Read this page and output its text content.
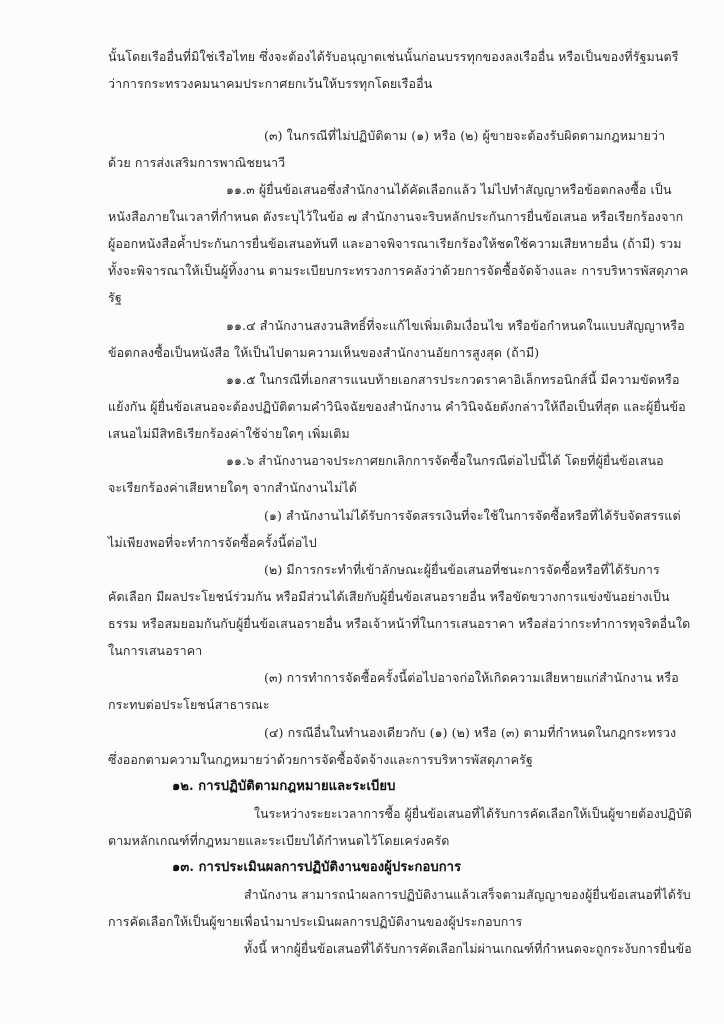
นั้นโดยเรืออื่นที่มิใช่เรือไทย ซึ่งจะต้องได้รับอนุญาตเช่นนั้นก่อนบรรทุกของลงเรืออื่น หรือเป็นของที่รัฐมนตรี
ว่าการกระทรวงคมนาคมประกาศยกเว้นให้บรรทุกโดยเรืออื่น
(๓) ในกรณีที่ไม่ปฏิบัติตาม (๑) หรือ (๒) ผู้ขายจะต้องรับผิดตามกฎหมายว่า
ด้วย การส่งเสริมการพาณิชยนาวี
๑๑.๓ ผู้ยื่นข้อเสนอซึ่งสำนักงานได้คัดเลือกแล้ว ไม่ไปทำสัญญาหรือข้อตกลงซื้อ เป็น
หนังสือภายในเวลาที่กำหนด ดังระบุไว้ในข้อ ๗ สำนักงานจะริบหลักประกันการยื่นข้อเสนอ หรือเรียกร้องจาก
ผู้ออกหนังสือค้ำประกันการยื่นข้อเสนอทันที และอาจพิจารณาเรียกร้องให้ชดใช้ความเสียหายอื่น (ถ้ามี) รวม
ทั้งจะพิจารณาให้เป็นผู้ทิ้งงาน ตามระเบียบกระทรวงการคลังว่าด้วยการจัดซื้อจัดจ้างและ การบริหารพัสดุภาค
รัฐ
๑๑.๔ สำนักงานสงวนสิทธิ์ที่จะแก้ไขเพิ่มเติมเงื่อนไข หรือข้อกำหนดในแบบสัญญาหรือ
ข้อตกลงซื้อเป็นหนังสือ ให้เป็นไปตามความเห็นของสำนักงานอัยการสูงสุด (ถ้ามี)
๑๑.๕ ในกรณีที่เอกสารแนบท้ายเอกสารประกวดราคาอิเล็กทรอนิกส์นี้ มีความขัดหรือ
แย้งกัน ผู้ยื่นข้อเสนอจะต้องปฏิบัติตามคำวินิจฉัยของสำนักงาน คำวินิจฉัยดังกล่าวให้ถือเป็นที่สุด และผู้ยื่นข้อ
เสนอไม่มีสิทธิเรียกร้องค่าใช้จ่ายใดๆ เพิ่มเติม
๑๑.๖ สำนักงานอาจประกาศยกเลิกการจัดซื้อในกรณีต่อไปนี้ได้ โดยที่ผู้ยื่นข้อเสนอ
จะเรียกร้องค่าเสียหายใดๆ จากสำนักงานไม่ได้
(๑) สำนักงานไม่ได้รับการจัดสรรเงินที่จะใช้ในการจัดซื้อหรือที่ได้รับจัดสรรแต่
ไม่เพียงพอที่จะทำการจัดซื้อครั้งนี้ต่อไป
(๒) มีการกระทำที่เข้าลักษณะผู้ยื่นข้อเสนอที่ชนะการจัดซื้อหรือที่ได้รับการ
คัดเลือก มีผลประโยชน์ร่วมกัน หรือมีส่วนได้เสียกับผู้ยื่นข้อเสนอรายอื่น หรือขัดขวางการแข่งขันอย่างเป็น
ธรรม หรือสมยอมกันกับผู้ยื่นข้อเสนอรายอื่น หรือเจ้าหน้าที่ในการเสนอราคา หรือส่อว่ากระทำการทุจริตอื่นใด
ในการเสนอราคา
(๓) การทำการจัดซื้อครั้งนี้ต่อไปอาจก่อให้เกิดความเสียหายแก่สำนักงาน หรือ
กระทบต่อประโยชน์สาธารณะ
(๔) กรณีอื่นในทำนองเดียวกับ (๑) (๒) หรือ (๓) ตามที่กำหนดในกฎกระทรวง
ซึ่งออกตามความในกฎหมายว่าด้วยการจัดซื้อจัดจ้างและการบริหารพัสดุภาครัฐ
๑๒. การปฏิบัติตามกฎหมายและระเบียบ
ในระหว่างระยะเวลาการซื้อ ผู้ยื่นข้อเสนอที่ได้รับการคัดเลือกให้เป็นผู้ขายต้องปฏิบัติ
ตามหลักเกณฑ์ที่กฎหมายและระเบียบได้กำหนดไว้โดยเคร่งครัด
๑๓. การประเมินผลการปฏิบัติงานของผู้ประกอบการ
สำนักงาน สามารถนำผลการปฏิบัติงานแล้วเสร็จตามสัญญาของผู้ยื่นข้อเสนอที่ได้รับ
การคัดเลือกให้เป็นผู้ขายเพื่อนำมาประเมินผลการปฏิบัติงานของผู้ประกอบการ
ทั้งนี้ หากผู้ยื่นข้อเสนอที่ได้รับการคัดเลือกไม่ผ่านเกณฑ์ที่กำหนดจะถูกระงับการยื่นข้อ
